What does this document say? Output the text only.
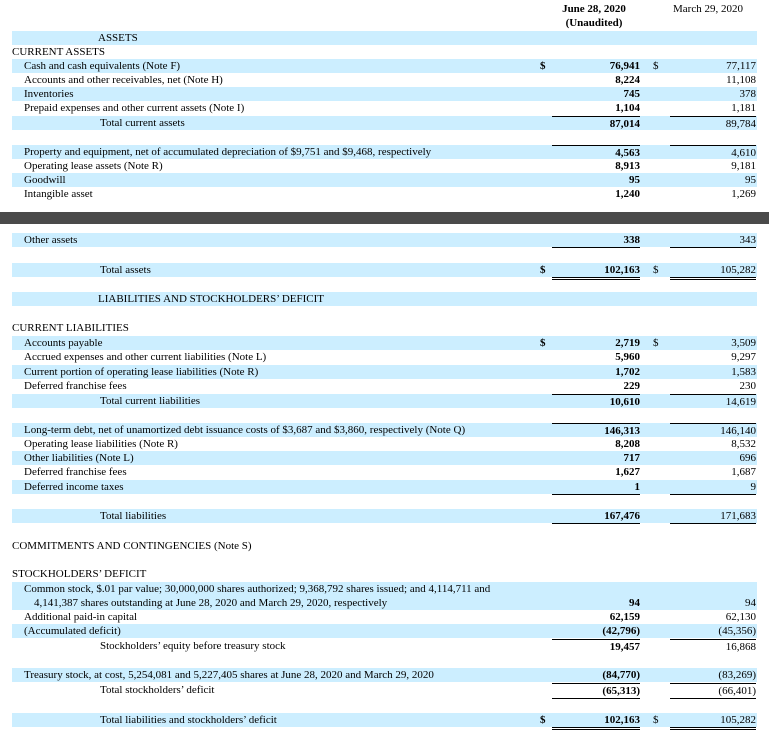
June 28, 2020
(Unaudited)
March 29, 2020
ASSETS
CURRENT ASSETS
Cash and cash equivalents (Note F)	$	76,941 $	77,117
Accounts and other receivables, net (Note H)	8,224	11,108
Inventories	745	378
Prepaid expenses and other current assets (Note I)	1,104	1,181
Total current assets	87,014	89,784
Property and equipment, net of accumulated depreciation of $9,751 and $9,468, respectively	4,563	4,610
Operating lease assets (Note R)	8,913	9,181
Goodwill	95	95
Intangible asset	1,240	1,269
Other assets	338	343
Total assets	$	102,163 $	105,282
LIABILITIES AND STOCKHOLDERS’ DEFICIT
CURRENT LIABILITIES
Accounts payable	$	2,719 $	3,509
Accrued expenses and other current liabilities (Note L)	5,960	9,297
Current portion of operating lease liabilities (Note R)	1,702	1,583
Deferred franchise fees	229	230
Total current liabilities	10,610	14,619
Long-term debt, net of unamortized debt issuance costs of $3,687 and $3,860, respectively (Note Q)	146,313	146,140
Operating lease liabilities (Note R)	8,208	8,532
Other liabilities (Note L)	717	696
Deferred franchise fees	1,627	1,687
Deferred income taxes	1	9
Total liabilities	167,476	171,683
COMMITMENTS AND CONTINGENCIES (Note S)
STOCKHOLDERS’ DEFICIT
Common stock, $.01 par value; 30,000,000 shares authorized; 9,368,792 shares issued; and 4,114,711 and
4,141,387 shares outstanding at June 28, 2020 and March 29, 2020, respectively	94	94
Additional paid-in capital	62,159	62,130
(Accumulated deficit)	(42,796)	(45,356)
Stockholders’ equity before treasury stock	19,457	16,868
Treasury stock, at cost, 5,254,081 and 5,227,405 shares at June 28, 2020 and March 29, 2020	(84,770)	(83,269)
Total stockholders’ deficit	(65,313)	(66,401)
Total liabilities and stockholders’ deficit	$	102,163 $	105,282
